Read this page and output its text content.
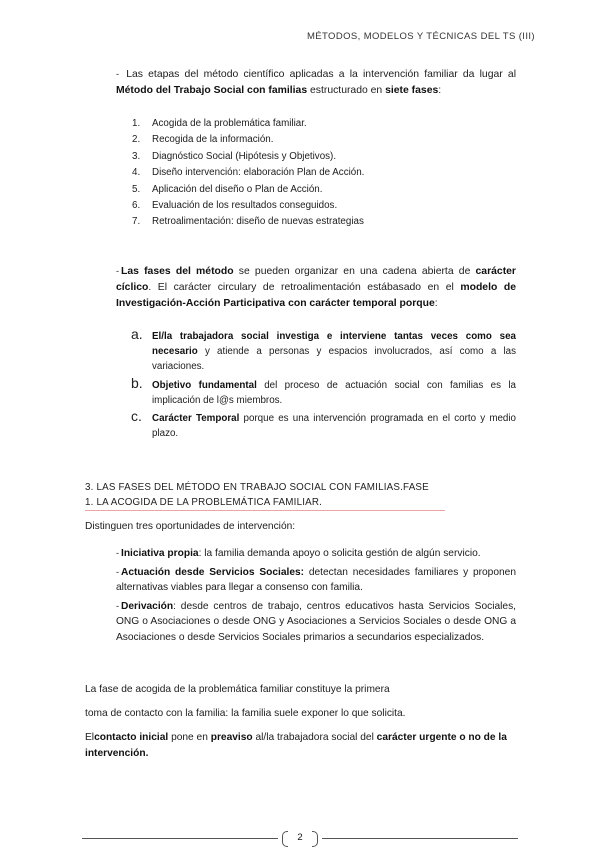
MÉTODOS, MODELOS Y TÉCNICAS DEL TS (III)

- Las etapas del método científico aplicadas a la intervención familiar da lugar al Método del Trabajo Social con familias estructurado en siete fases:

1. Acogida de la problemática familiar.
2. Recogida de la información.
3. Diagnóstico Social (Hipótesis y Objetivos).
4. Diseño intervención: elaboración Plan de Acción.
5. Aplicación del diseño o Plan de Acción.
6. Evaluación de los resultados conseguidos.
7. Retroalimentación: diseño de nuevas estrategias

- Las fases del método se pueden organizar en una cadena abierta de carácter cíclico. El carácter circulary de retroalimentación estábasado en el modelo de Investigación-Acción Participativa con carácter temporal porque:

a. El/la trabajadora social investiga e interviene tantas veces como sea necesario y atiende a personas y espacios involucrados, así como a las variaciones.
b. Objetivo fundamental del proceso de actuación social con familias es la implicación de l@s miembros.
c. Carácter Temporal porque es una intervención programada en el corto y medio plazo.
3. LAS FASES DEL MÉTODO EN TRABAJO SOCIAL CON FAMILIAS.FASE
1. LA ACOGIDA DE LA PROBLEMÁTICA FAMILIAR.
Distinguen tres oportunidades de intervención:
- Iniciativa propia: la familia demanda apoyo o solicita gestión de algún servicio.
- Actuación desde Servicios Sociales: detectan necesidades familiares y proponen alternativas viables para llegar a consenso con familia.
- Derivación: desde centros de trabajo, centros educativos hasta Servicios Sociales, ONG o Asociaciones o desde ONG y Asociaciones a Servicios Sociales o desde ONG a Asociaciones o desde Servicios Sociales primarios a secundarios especializados.
La fase de acogida de la problemática familiar constituye la primera
toma de contacto con la familia: la familia suele exponer lo que solicita.

Elcontacto inicial pone en preaviso al/la trabajadora social del carácter urgente o no de la intervención.

2
